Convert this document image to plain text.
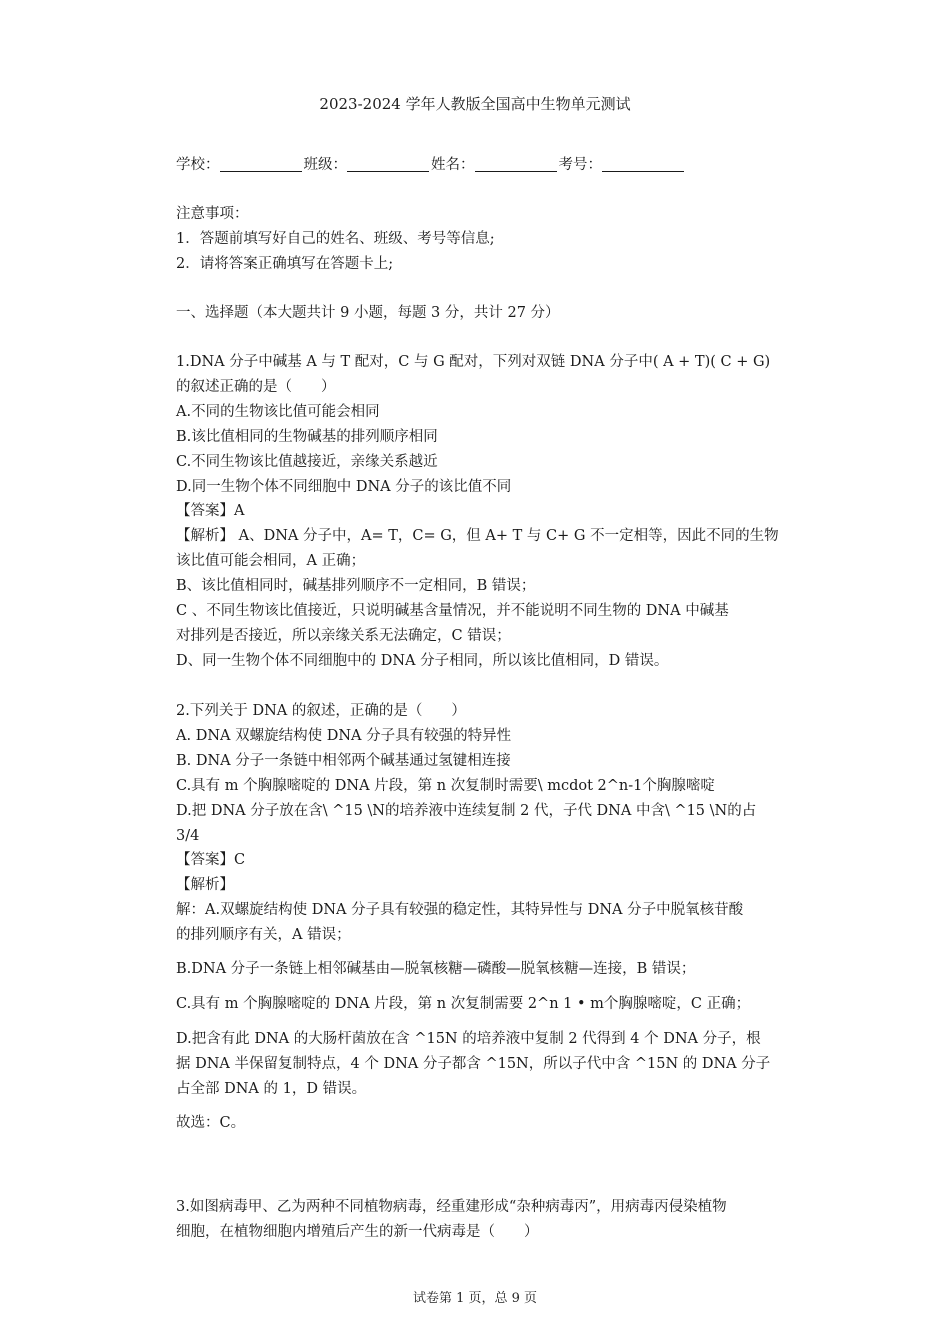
2023-2024 学年人教版全国高中生物单元测试

学校：	班级：	姓名：	考号：

注意事项：

1．答题前填写好自己的姓名、班级、考号等信息;

2．请将答案正确填写在答题卡上;

一、选择题（本大题共计 9 小题，每题 3 分，共计 27 分）

1.DNA 分子中碱基 A 与 T 配对，C 与 G 配对，下列对双链 DNA 分子中( A + T)( C + G)

的叙述正确的是（　　）

A.不同的生物该比值可能会相同

B.该比值相同的生物碱基的排列顺序相同

C.不同生物该比值越接近，亲缘关系越近

D.同一生物个体不同细胞中 DNA 分子的该比值不同

【答案】A

【解析】 A、DNA 分子中，A= T，C= G，但 A+ T 与 C+ G 不一定相等，因此不同的生物

该比值可能会相同，A 正确；

B、该比值相同时，碱基排列顺序不一定相同，B 错误；

C 、不同生物该比值接近，只说明碱基含量情况，并不能说明不同生物的 DNA 中碱基

对排列是否接近，所以亲缘关系无法确定，C 错误；

D、同一生物个体不同细胞中的 DNA 分子相同，所以该比值相同，D 错误。

2.下列关于 DNA 的叙述，正确的是（　　）

A. DNA 双螺旋结构使 DNA 分子具有较强的特异性

B. DNA 分子一条链中相邻两个碱基通过氢键相连接

C.具有 m 个胸腺嘧啶的 DNA 片段，第 n 次复制时需要\ mcdot 2^n-1个胸腺嘧啶

D.把 DNA 分子放在含\ ^15 \N的培养液中连续复制 2 代，子代 DNA 中含\ ^15 \N的占

3/4

【答案】C

【解析】

解：A.双螺旋结构使 DNA 分子具有较强的稳定性，其特异性与 DNA 分子中脱氧核苷酸

的排列顺序有关，A 错误；

B.DNA 分子一条链上相邻碱基由—脱氧核糖—磷酸—脱氧核糖—连接，B 错误；

C.具有 m 个胸腺嘧啶的 DNA 片段，第 n 次复制需要 2^n 1 • m个胸腺嘧啶，C 正确；

D.把含有此 DNA 的大肠杆菌放在含 ^15N 的培养液中复制 2 代得到 4 个 DNA 分子，根

据 DNA 半保留复制特点，4 个 DNA 分子都含 ^15N，所以子代中含 ^15N 的 DNA 分子

占全部 DNA 的 1，D 错误。

故选：C。

3.如图病毒甲、乙为两种不同植物病毒，经重建形成“杂种病毒丙”，用病毒丙侵染植物

细胞，在植物细胞内增殖后产生的新一代病毒是（　　）

试卷第 1 页，总 9 页
